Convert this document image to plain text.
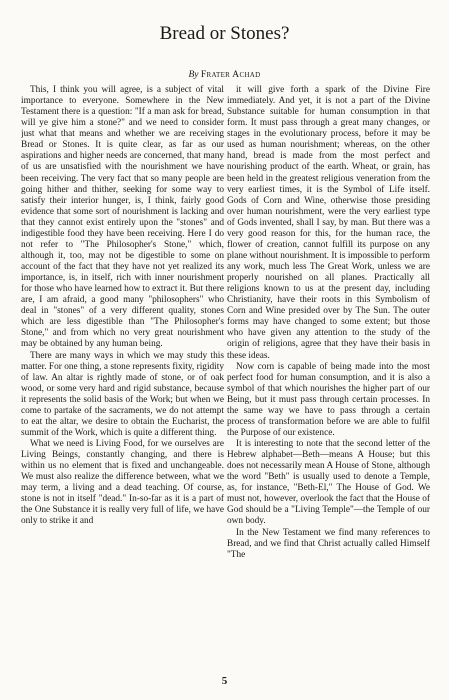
Bread or Stones?
By Frater Achad

This, I think you will agree, is a subject of vital importance to everyone. Somewhere in the New Testament there is a question: "If a man ask for bread, will ye give him a stone?" and we need to consider just what that means and whether we are receiving Bread or Stones. It is quite clear, as far as our aspirations and higher needs are concerned, that many of us are unsatisfied with the nourishment we have been receiving. The very fact that so many people are going hither and thither, seeking for some way to satisfy their interior hunger, is, I think, fairly good evidence that some sort of nourishment is lacking and that they cannot exist entirely upon the "stones" and indigestible food they have been receiving. Here I do not refer to "The Philosopher's Stone," which, although it, too, may not be digestible to some on account of the fact that they have not yet realized its importance, is, in itself, rich with inner nourishment for those who have learned how to extract it. But there are, I am afraid, a good many "philosophers" who deal in "stones" of a very different quality, stones which are less digestible than "The Philosopher's Stone," and from which no very great nourishment may be obtained by any human being.

There are many ways in which we may study this matter. For one thing, a stone represents fixity, rigidity of law. An altar is rightly made of stone, or of oak wood, or some very hard and rigid substance, because it represents the solid basis of the Work; but when we come to partake of the sacraments, we do not attempt to eat the altar, we desire to obtain the Eucharist, the summit of the Work, which is quite a different thing.

What we need is Living Food, for we ourselves are Living Beings, constantly changing, and there is within us no element that is fixed and unchangeable. We must also realize the difference between, what we may term, a living and a dead teaching. Of course, stone is not in itself "dead." In-so-far as it is a part of the One Substance it is really very full of life, we have only to strike it and

it will give forth a spark of the Divine Fire immediately. And yet, it is not a part of the Divine Substance suitable for human consumption in that form. It must pass through a great many changes, or stages in the evolutionary process, before it may be used as human nourishment; whereas, on the other hand, bread is made from the most perfect and nourishing product of the earth. Wheat, or grain, has been held in the greatest religious veneration from the very earliest times, it is the Symbol of Life itself. Gods of Corn and Wine, otherwise those presiding over human nourishment, were the very earliest type of Gods invented, shall I say, by man. But there was a very good reason for this, for the human race, the flower of creation, cannot fulfill its purpose on any plane without nourishment. It is impossible to perform any work, much less The Great Work, unless we are properly nourished on all planes. Practically all religions known to us at the present day, including Christianity, have their roots in this Symbolism of Corn and Wine presided over by The Sun. The outer forms may have changed to some extent; but those who have given any attention to the study of the origin of religions, agree that they have their basis in these ideas.

Now corn is capable of being made into the most perfect food for human consumption, and it is also a symbol of that which nourishes the higher part of our Being, but it must pass through certain processes. In the same way we have to pass through a certain process of transformation before we are able to fulfil the Purpose of our existence.

It is interesting to note that the second letter of the Hebrew alphabet—Beth—means A House; but this does not necessarily mean A House of Stone, although the word "Beth" is usually used to denote a Temple, as, for instance, "Beth-El," The House of God. We must not, however, overlook the fact that the House of God should be a "Living Temple"—the Temple of our own body.

In the New Testament we find many references to Bread, and we find that Christ actually called Himself "The

5
